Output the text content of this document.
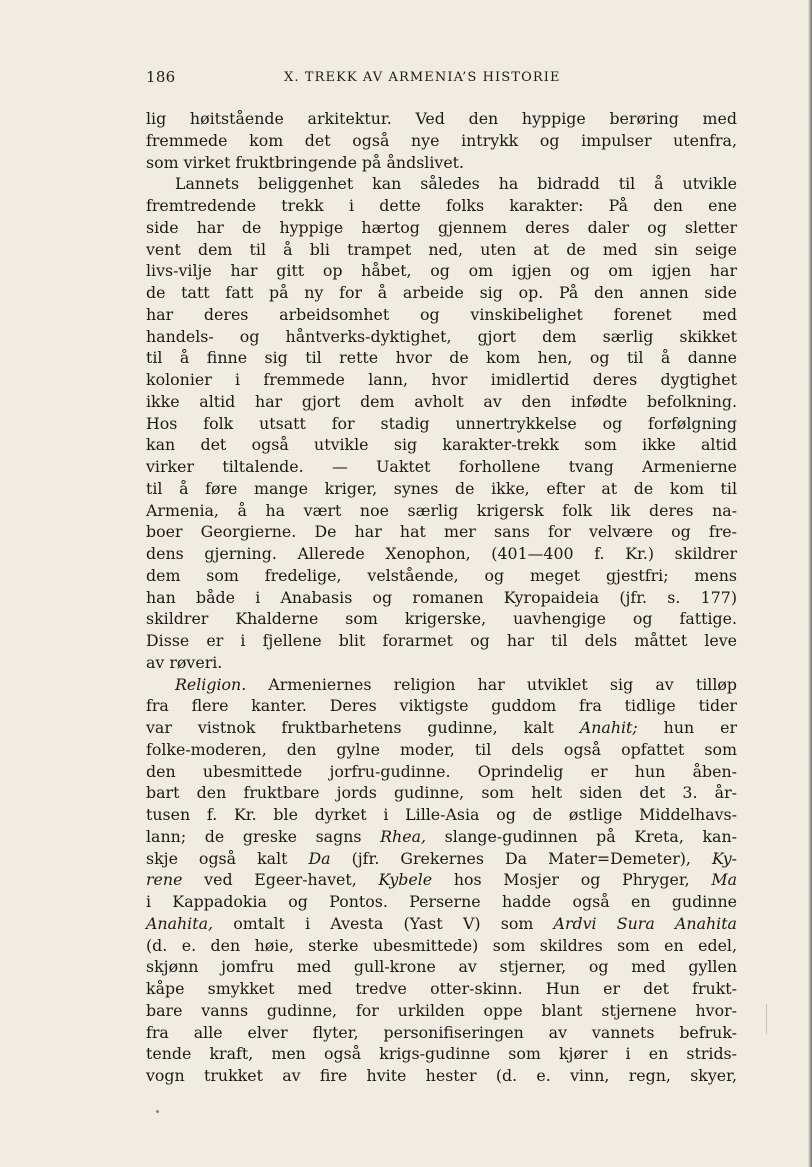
186	X. TREKK AV ARMENIA’S HISTORIE
lig høitstående arkitektur. Ved den hyppige berøring med
fremmede kom det også nye intrykk og impulser utenfra,
som virket fruktbringende på åndslivet.
Lannets beliggenhet kan således ha bidradd til å utvikle
fremtredende trekk i dette folks karakter: På den ene
side har de hyppige hærtog gjennem deres daler og sletter
vent dem til å bli trampet ned, uten at de med sin seige
livs-vilje har gitt op håbet, og om igjen og om igjen har
de tatt fatt på ny for å arbeide sig op. På den annen side
har deres arbeidsomhet og vinskibelighet forenet med
handels- og håntverks-dyktighet, gjort dem særlig skikket
til å finne sig til rette hvor de kom hen, og til å danne
kolonier i fremmede lann, hvor imidlertid deres dygtighet
ikke altid har gjort dem avholt av den infødte befolkning.
Hos folk utsatt for stadig unnertrykkelse og forfølgning
kan det også utvikle sig karakter-trekk som ikke altid
virker tiltalende. — Uaktet forhollene tvang Armenierne
til å føre mange kriger, synes de ikke, efter at de kom til
Armenia, å ha vært noe særlig krigersk folk lik deres na-
boer Georgierne. De har hat mer sans for velvære og fre-
dens gjerning. Allerede Xenophon, (401—400 f. Kr.) skildrer
dem som fredelige, velstående, og meget gjestfri; mens
han både i Anabasis og romanen Kyropaideia (jfr. s. 177)
skildrer Khalderne som krigerske, uavhengige og fattige.
Disse er i fjellene blit forarmet og har til dels måttet leve
av røveri.
Religion. Armeniernes religion har utviklet sig av tilløp
fra flere kanter. Deres viktigste guddom fra tidlige tider
var vistnok fruktbarhetens gudinne, kalt Anahit; hun er
folke-moderen, den gylne moder, til dels også opfattet som
den ubesmittede jorfru-gudinne. Oprindelig er hun åben-
bart den fruktbare jords gudinne, som helt siden det 3. år-
tusen f. Kr. ble dyrket i Lille-Asia og de østlige Middelhavs-
lann; de greske sagns Rhea, slange-gudinnen på Kreta, kan-
skje også kalt Da (jfr. Grekernes Da Mater=Demeter), Ky-
rene ved Egeer-havet, Kybele hos Mosjer og Phryger, Ma
i Kappadokia og Pontos. Perserne hadde også en gudinne
Anahita, omtalt i Avesta (Yast V) som Ardvi Sura Anahita
(d. e. den høie, sterke ubesmittede) som skildres som en edel,
skjønn jomfru med gull-krone av stjerner, og med gyllen
kåpe smykket med tredve otter-skinn. Hun er det frukt-
bare vanns gudinne, for urkilden oppe blant stjernene hvor-
fra alle elver flyter, personifiseringen av vannets befruk-
tende kraft, men også krigs-gudinne som kjører i en strids-
vogn trukket av fire hvite hester (d. e. vinn, regn, skyer,
